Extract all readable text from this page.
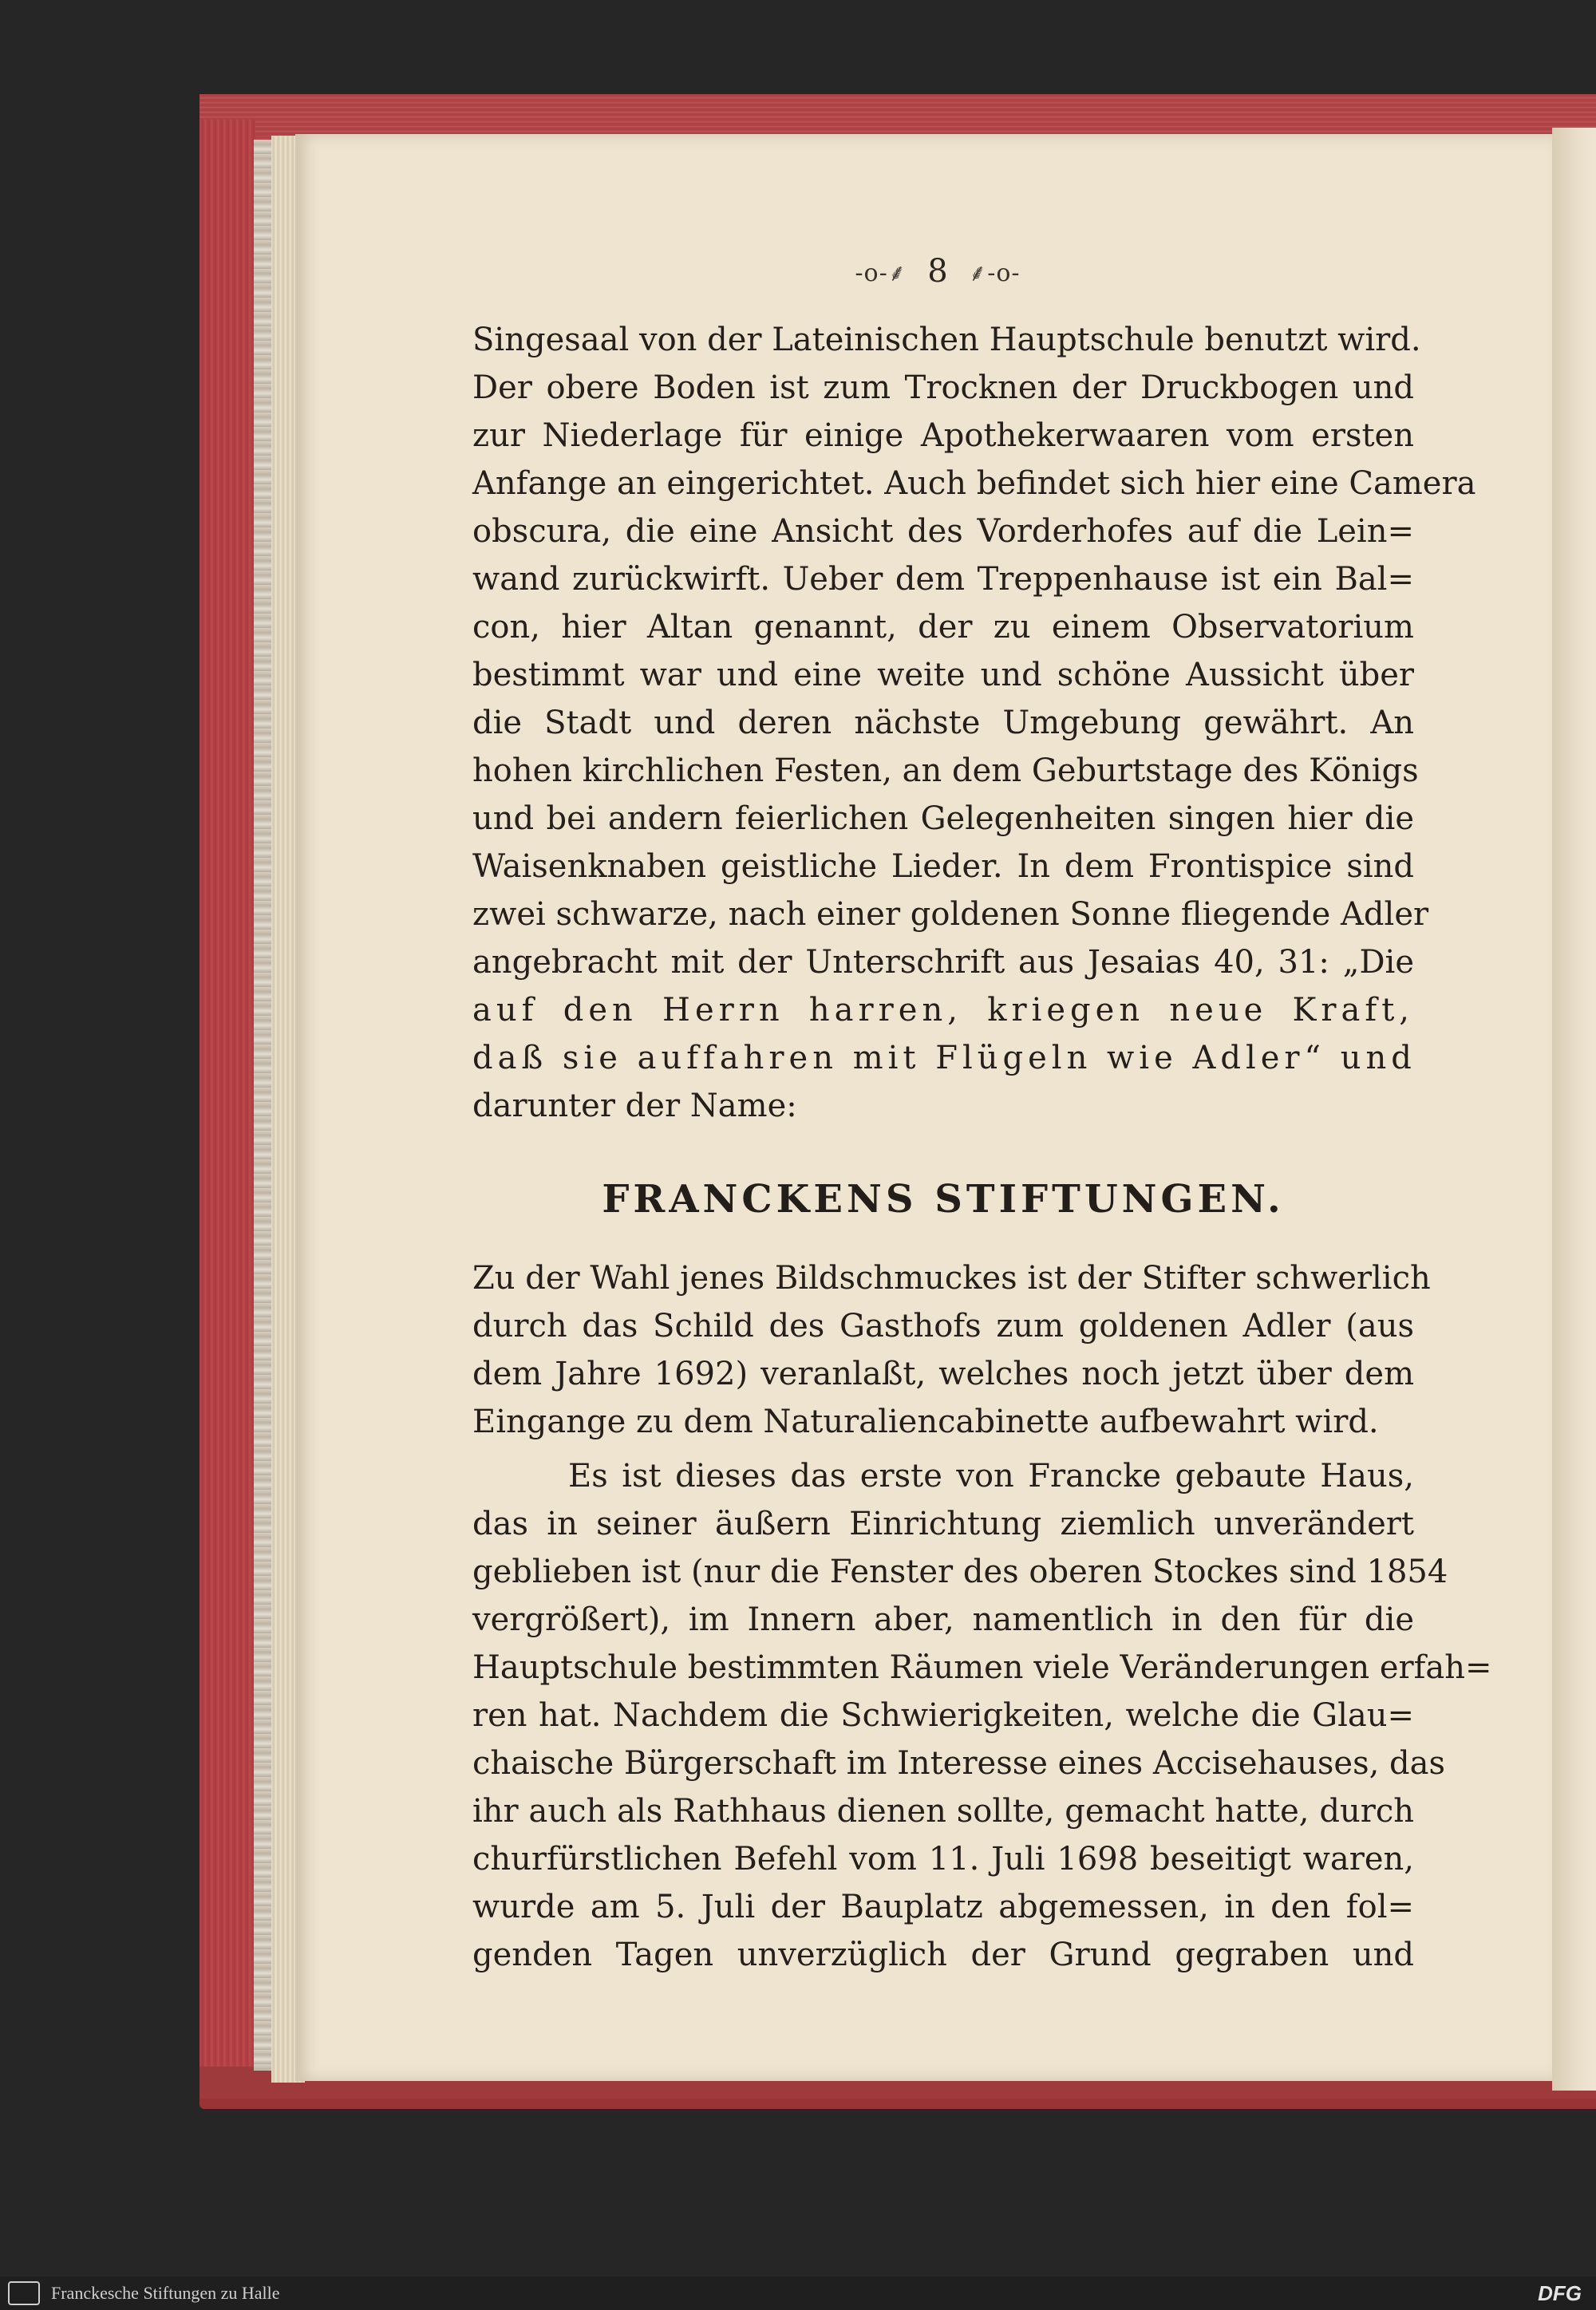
-o-⸙ 8 ⸙-o-
Singesaal von der Lateinischen Hauptschule benutzt wird.
Der obere Boden ist zum Trocknen der Druckbogen und
zur Niederlage für einige Apothekerwaaren vom ersten
Anfange an eingerichtet. Auch befindet sich hier eine Camera
obscura, die eine Ansicht des Vorderhofes auf die Lein=
wand zurückwirft. Ueber dem Treppenhause ist ein Bal=
con, hier Altan genannt, der zu einem Observatorium
bestimmt war und eine weite und schöne Aussicht über
die Stadt und deren nächste Umgebung gewährt. An
hohen kirchlichen Festen, an dem Geburtstage des Königs
und bei andern feierlichen Gelegenheiten singen hier die
Waisenknaben geistliche Lieder. In dem Frontispice sind
zwei schwarze, nach einer goldenen Sonne fliegende Adler
angebracht mit der Unterschrift aus Jesaias 40, 31: „Die
auf den Herrn harren, kriegen neue Kraft,
daß sie auffahren mit Flügeln wie Adler“ und
darunter der Name:
FRANCKENS STIFTUNGEN.
Zu der Wahl jenes Bildschmuckes ist der Stifter schwerlich
durch das Schild des Gasthofs zum goldenen Adler (aus
dem Jahre 1692) veranlaßt, welches noch jetzt über dem
Eingange zu dem Naturaliencabinette aufbewahrt wird.
Es ist dieses das erste von Francke gebaute Haus,
das in seiner äußern Einrichtung ziemlich unverändert
geblieben ist (nur die Fenster des oberen Stockes sind 1854
vergrößert), im Innern aber, namentlich in den für die
Hauptschule bestimmten Räumen viele Veränderungen erfah=
ren hat. Nachdem die Schwierigkeiten, welche die Glau=
chaische Bürgerschaft im Interesse eines Accisehauses, das
ihr auch als Rathhaus dienen sollte, gemacht hatte, durch
churfürstlichen Befehl vom 11. Juli 1698 beseitigt waren,
wurde am 5. Juli der Bauplatz abgemessen, in den fol=
genden Tagen unverzüglich der Grund gegraben und
Franckesche Stiftungen zu Halle	DFG
